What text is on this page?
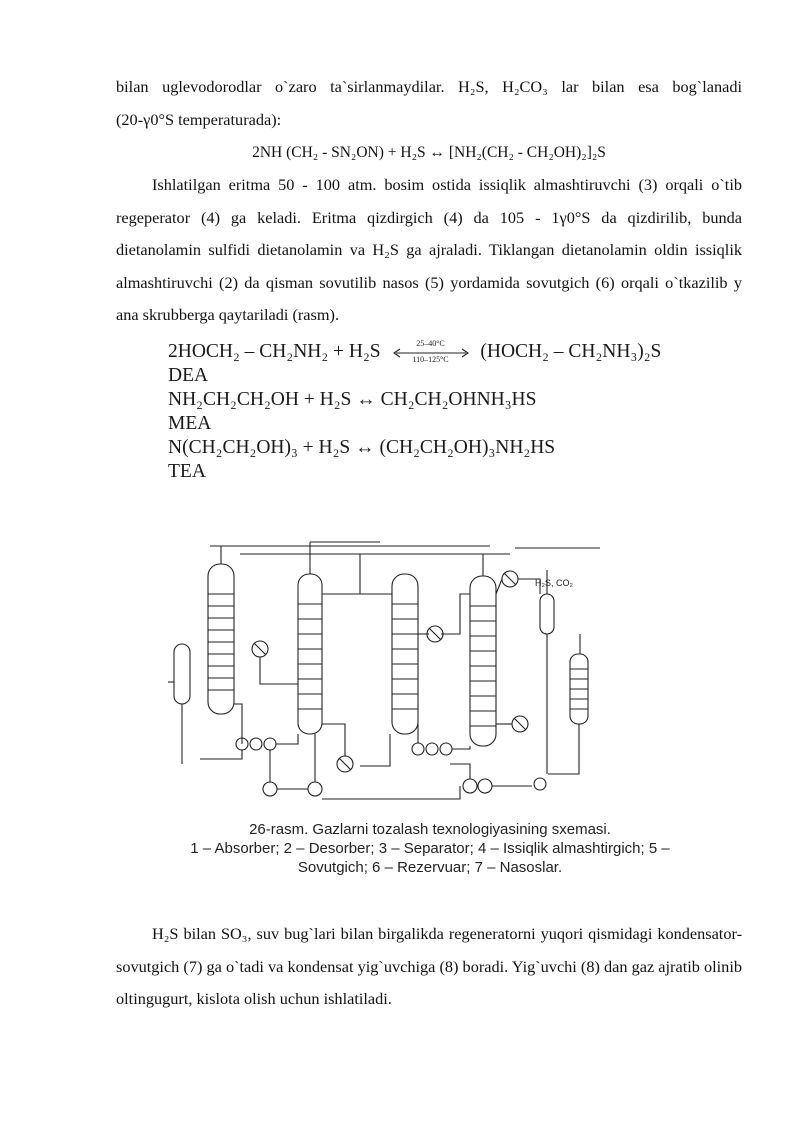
bilan uglevodorodlar o`zaro ta`sirlanmaydilar. H₂S, H₂CO₃ lar bilan esa bog`lanadi
(20-γ0°S temperaturada):
2NH (CH₂ - SN₂ON) + H₂S ↔ [NH₂(CH₂ - CH₂OH)₂]₂S
Ishlatilgan eritma 50 - 100 atm. bosim ostida issiqlik almashtiruvchi (3) orqali o`tib regeperator (4) ga keladi. Eritma qizdirgich (4) da 105 - 1γ0°S da qizdirilib, bunda dietanolamin sulfidi dietanolamin va H₂S ga ajraladi. Tiklangan dietanolamin oldin issiqlik almashtiruvchi (2) da qisman sovutilib nasos (5) yordamida sovutgich (6) orqali o`tkazilib y ana skrubberga qaytariladi (rasm).
2HOCH₂ – CH₂NH₂ + H₂S	25–40°C
110–125°C	(HOCH₂ – CH₂NH₃)₂S
DEA
NH₂CH₂CH₂OH + H₂S ↔ CH₂CH₂OHNH₃HS
MEA
N(CH₂CH₂OH)₃ + H₂S ↔ (CH₂CH₂OH)₃NH₂HS
TEA
H₂S, CO₂
26-rasm. Gazlarni tozalash texnologiyasining sxemasi.
1 – Absorber; 2 – Desorber; 3 – Separator; 4 – Issiqlik almashtirgich; 5 –
Sovutgich; 6 – Rezervuar; 7 – Nasoslar.
H₂S bilan SO₃, suv bug`lari bilan birgalikda regeneratorni yuqori qismidagi kondensator-sovutgich (7) ga o`tadi va kondensat yig`uvchiga (8) boradi. Yig`uvchi (8) dan gaz ajratib olinib oltingugurt, kislota olish uchun ishlatiladi.
